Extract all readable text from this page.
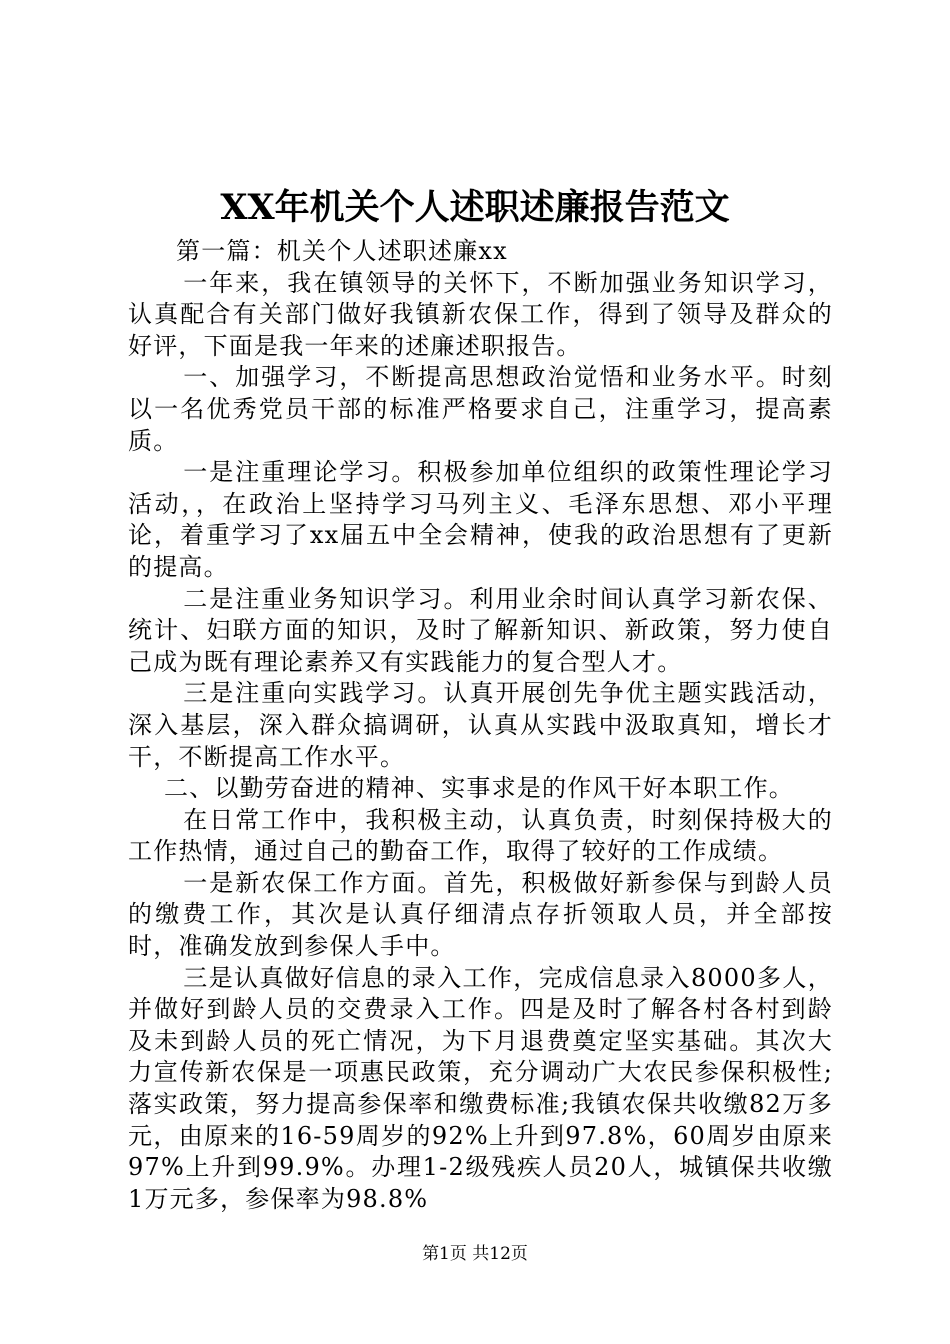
XX年机关个人述职述廉报告范文

第一篇：机关个人述职述廉xx

一年来，我在镇领导的关怀下，不断加强业务知识学习，认真配合有关部门做好我镇新农保工作，得到了领导及群众的好评，下面是我一年来的述廉述职报告。

一、加强学习，不断提高思想政治觉悟和业务水平。时刻以一名优秀党员干部的标准严格要求自己，注重学习，提高素质。

一是注重理论学习。积极参加单位组织的政策性理论学习活动，，在政治上坚持学习马列主义、毛泽东思想、邓小平理论，着重学习了xx届五中全会精神，使我的政治思想有了更新的提高。

二是注重业务知识学习。利用业余时间认真学习新农保、统计、妇联方面的知识，及时了解新知识、新政策，努力使自己成为既有理论素养又有实践能力的复合型人才。

三是注重向实践学习。认真开展创先争优主题实践活动，深入基层，深入群众搞调研，认真从实践中汲取真知，增长才干，不断提高工作水平。

二、以勤劳奋进的精神、实事求是的作风干好本职工作。

在日常工作中，我积极主动，认真负责，时刻保持极大的工作热情，通过自己的勤奋工作，取得了较好的工作成绩。

一是新农保工作方面。首先，积极做好新参保与到龄人员的缴费工作，其次是认真仔细清点存折领取人员，并全部按时，准确发放到参保人手中。

三是认真做好信息的录入工作，完成信息录入8000多人，并做好到龄人员的交费录入工作。四是及时了解各村各村到龄及未到龄人员的死亡情况，为下月退费奠定坚实基础。其次大力宣传新农保是一项惠民政策，充分调动广大农民参保积极性;落实政策，努力提高参保率和缴费标准;我镇农保共收缴82万多元，由原来的16-59周岁的92%上升到97.8%，60周岁由原来97%上升到99.9%。办理1-2级残疾人员20人，城镇保共收缴1万元多，参保率为98.8%

第1页 共12页
